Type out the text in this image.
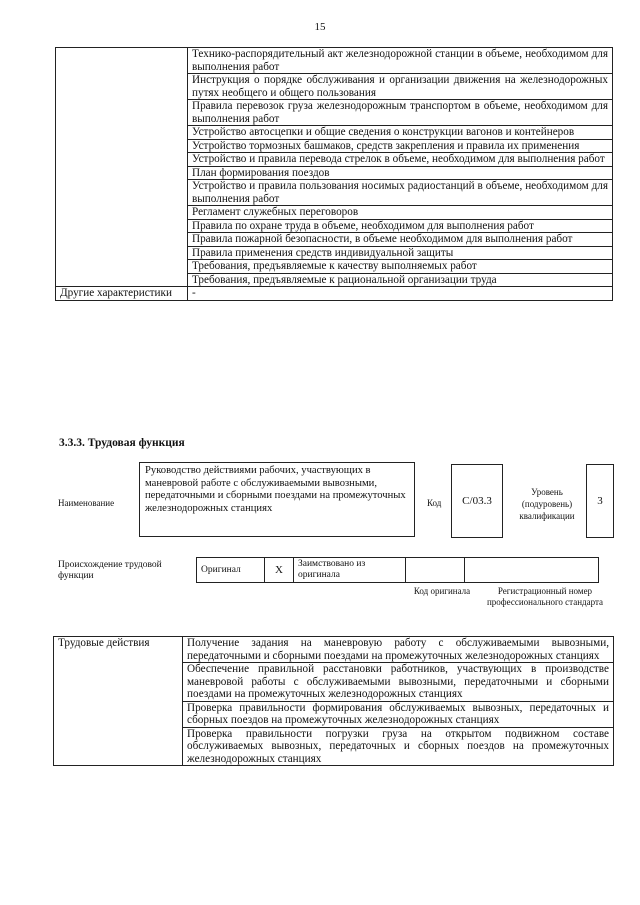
15
	Технико-распорядительный акт железнодорожной станции в объеме, необходимом для выполнения работ
	Инструкция о порядке обслуживания и организации движения на железнодорожных путях необщего и общего пользования
	Правила перевозок груза железнодорожным транспортом в объеме, необходимом для выполнения работ
	Устройство автосцепки и общие сведения о конструкции вагонов и контейнеров
	Устройство тормозных башмаков, средств закрепления и правила их применения
	Устройство и правила перевода стрелок в объеме, необходимом для выполнения работ
	План формирования поездов
	Устройство и правила пользования носимых радиостанций в объеме, необходимом для выполнения работ
	Регламент служебных переговоров
	Правила по охране труда в объеме, необходимом для выполнения работ
	Правила пожарной безопасности, в объеме необходимом для выполнения работ
	Правила применения средств индивидуальной защиты
	Требования, предъявляемые к качеству выполняемых работ
	Требования, предъявляемые к рациональной организации труда
Другие характеристики	-
3.3.3. Трудовая функция
Наименование
Руководство действиями рабочих, участвующих в маневровой работе с обслуживаемыми вывозными, передаточными и сборными поездами на промежуточных железнодорожных станциях	Код	C/03.3
Уровень (подуровень) квалификации
3
Происхождение трудовой функции
Оригинал	X	Заимствовано из оригинала		
Код оригинала	Регистрационный номер профессионального стандарта
Трудовые действия	Получение задания на маневровую работу с обслуживаемыми вывозными, передаточными и сборными поездами на промежуточных железнодорожных станциях
Обеспечение правильной расстановки работников, участвующих в производстве маневровой работы с обслуживаемыми вывозными, передаточными и сборными поездами на промежуточных железнодорожных станциях
Проверка правильности формирования обслуживаемых вывозных, передаточных и сборных поездов на промежуточных железнодорожных станциях
Проверка правильности погрузки груза на открытом подвижном составе обслуживаемых вывозных, передаточных и сборных поездов на промежуточных железнодорожных станциях
